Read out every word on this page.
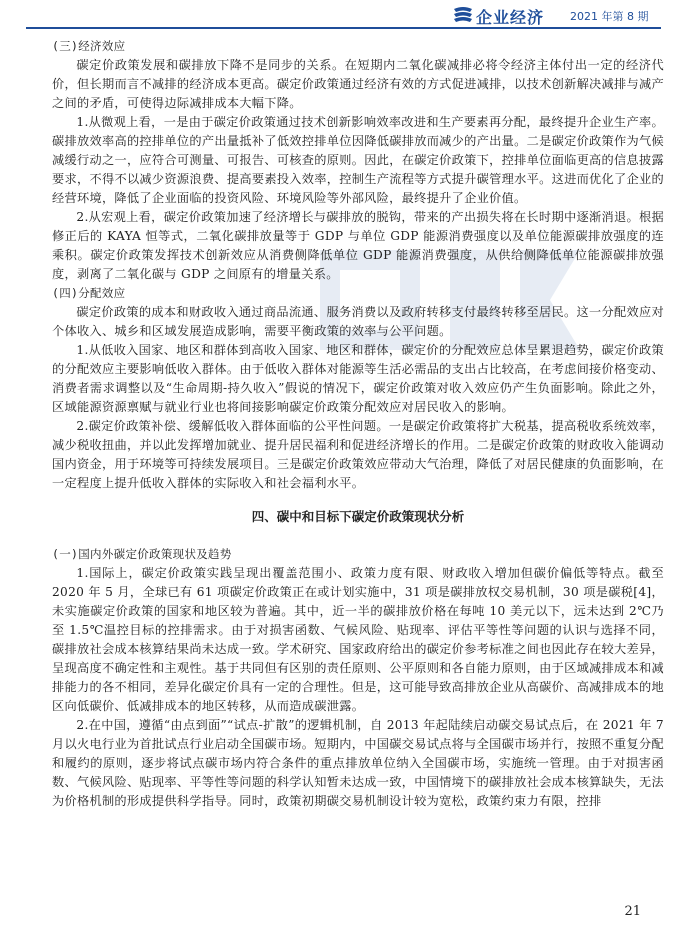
企业经济 2021 年第 8 期

(三)经济效应

碳定价政策发展和碳排放下降不是同步的关系。在短期内二氧化碳减排必将令经济主体付出一定的经济代价，但长期而言不减排的经济成本更高。碳定价政策通过经济有效的方式促进减排，以技术创新解决减排与减产之间的矛盾，可使得边际减排成本大幅下降。

1.从微观上看，一是由于碳定价政策通过技术创新影响效率改进和生产要素再分配，最终提升企业生产率。碳排放效率高的控排单位的产出量抵补了低效控排单位因降低碳排放而减少的产出量。二是碳定价政策作为气候减缓行动之一，应符合可测量、可报告、可核查的原则。因此，在碳定价政策下，控排单位面临更高的信息披露要求，不得不以减少资源浪费、提高要素投入效率，控制生产流程等方式提升碳管理水平。这进而优化了企业的经营环境，降低了企业面临的投资风险、环境风险等外部风险，最终提升了企业价值。

2.从宏观上看，碳定价政策加速了经济增长与碳排放的脱钩，带来的产出损失将在长时期中逐渐消退。根据修正后的 KAYA 恒等式，二氧化碳排放量等于 GDP 与单位 GDP 能源消费强度以及单位能源碳排放强度的连乘积。碳定价政策发挥技术创新效应从消费侧降低单位 GDP 能源消费强度，从供给侧降低单位能源碳排放强度，剥离了二氧化碳与 GDP 之间原有的增量关系。

(四)分配效应

碳定价政策的成本和财政收入通过商品流通、服务消费以及政府转移支付最终转移至居民。这一分配效应对个体收入、城乡和区域发展造成影响，需要平衡政策的效率与公平问题。

1.从低收入国家、地区和群体到高收入国家、地区和群体，碳定价的分配效应总体呈累退趋势，碳定价政策的分配效应主要影响低收入群体。由于低收入群体对能源等生活必需品的支出占比较高，在考虑间接价格变动、消费者需求调整以及“生命周期-持久收入”假说的情况下，碳定价政策对收入效应仍产生负面影响。除此之外，区域能源资源禀赋与就业行业也将间接影响碳定价政策分配效应对居民收入的影响。

2.碳定价政策补偿、缓解低收入群体面临的公平性问题。一是碳定价政策将扩大税基，提高税收系统效率，减少税收扭曲，并以此发挥增加就业、提升居民福利和促进经济增长的作用。二是碳定价政策的财政收入能调动国内资金，用于环境等可持续发展项目。三是碳定价政策效应带动大气治理，降低了对居民健康的负面影响，在一定程度上提升低收入群体的实际收入和社会福利水平。

四、碳中和目标下碳定价政策现状分析

(一)国内外碳定价政策现状及趋势

1.国际上，碳定价政策实践呈现出覆盖范围小、政策力度有限、财政收入增加但碳价偏低等特点。截至 2020 年 5 月，全球已有 61 项碳定价政策正在或计划实施中，31 项是碳排放权交易机制，30 项是碳税[4]，未实施碳定价政策的国家和地区较为普遍。其中，近一半的碳排放价格在每吨 10 美元以下，远未达到 2℃乃至 1.5℃温控目标的控排需求。由于对损害函数、气候风险、贴现率、评估平等性等问题的认识与选择不同，碳排放社会成本核算结果尚未达成一致。学术研究、国家政府给出的碳定价参考标准之间也因此存在较大差异，呈现高度不确定性和主观性。基于共同但有区别的责任原则、公平原则和各自能力原则，由于区域减排成本和减排能力的各不相同，差异化碳定价具有一定的合理性。但是，这可能导致高排放企业从高碳价、高减排成本的地区向低碳价、低减排成本的地区转移，从而造成碳泄露。

2.在中国，遵循“由点到面”“试点-扩散”的逻辑机制，自 2013 年起陆续启动碳交易试点后，在 2021 年 7 月以火电行业为首批试点行业启动全国碳市场。短期内，中国碳交易试点将与全国碳市场并行，按照不重复分配和履约的原则，逐步将试点碳市场内符合条件的重点排放单位纳入全国碳市场，实施统一管理。由于对损害函数、气候风险、贴现率、平等性等问题的科学认知暂未达成一致，中国情境下的碳排放社会成本核算缺失，无法为价格机制的形成提供科学指导。同时，政策初期碳交易机制设计较为宽松，政策约束力有限，控排

21
